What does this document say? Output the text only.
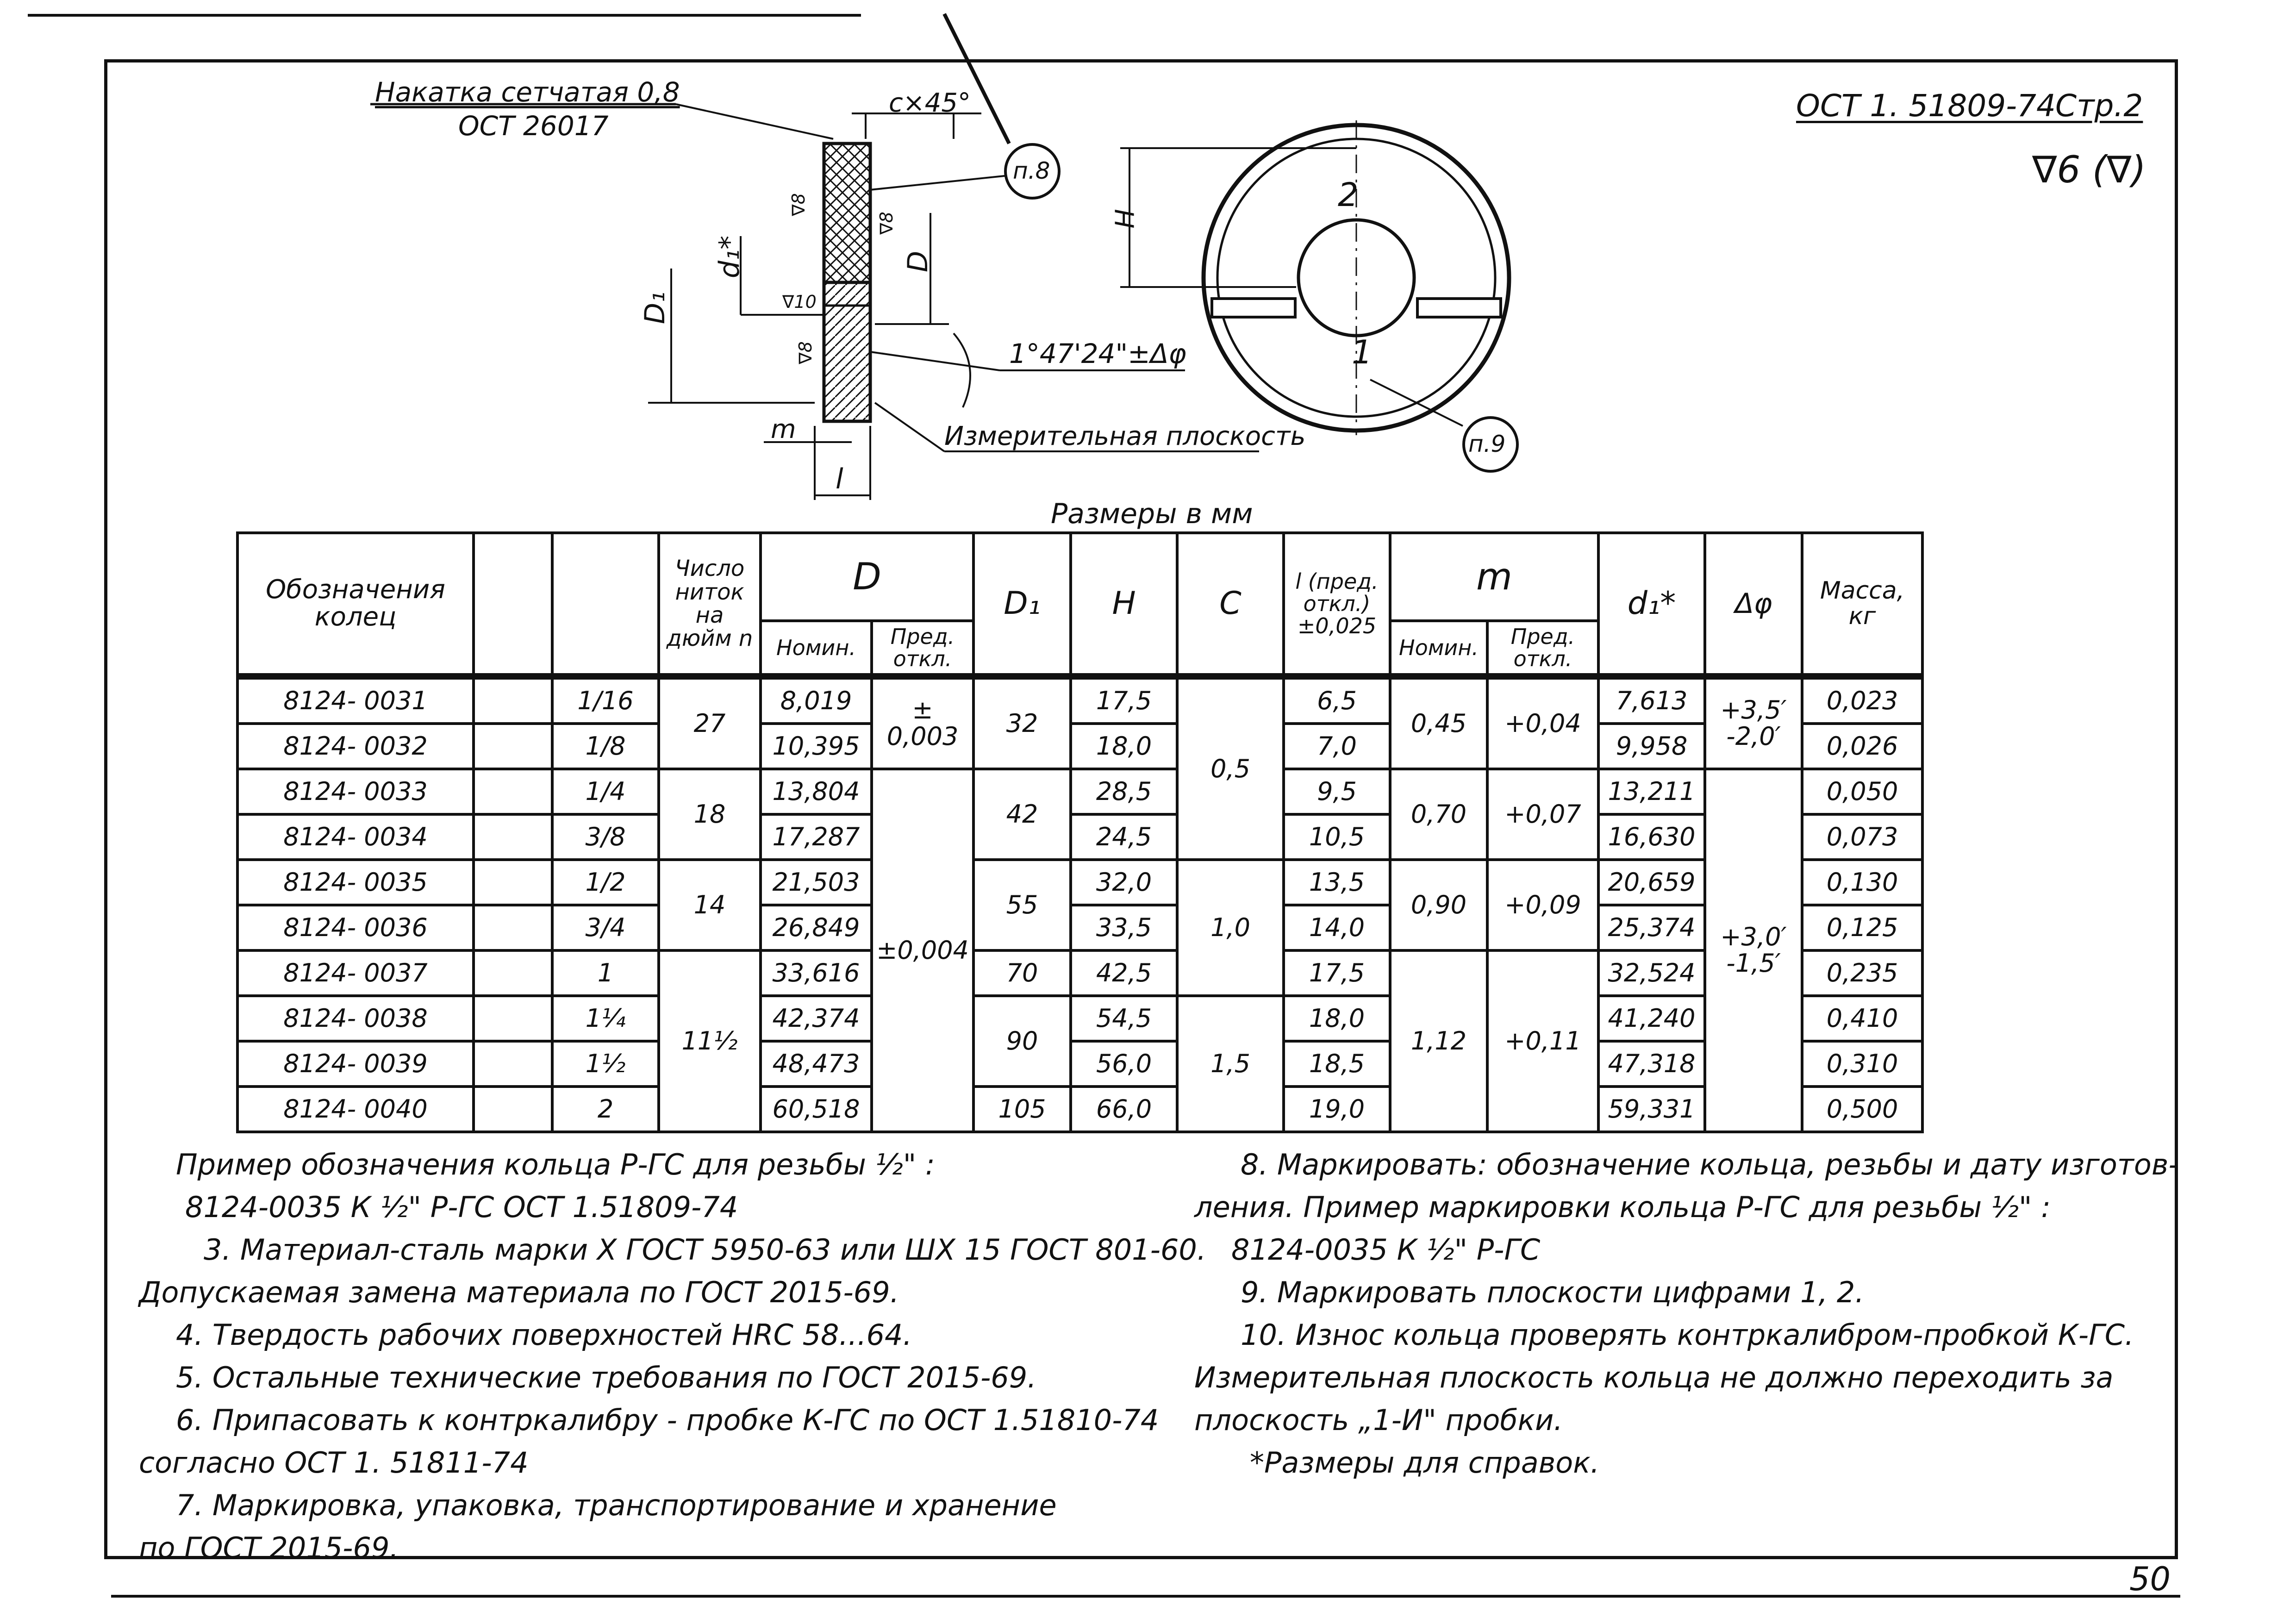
ОСТ 1. 51809-74
Стр.2
∇6 (∇)
50
Накатка сетчатая 0,8
ОСТ 26017
c×45°
п.8
п.9
1°47'24"±Δφ
Измерительная плоскость
D₁
d₁*	D
H
m
l
∇8
∇8
∇10
∇8	1
2
Размеры в мм
Обозначения колец	Примене-ность		Число ниток на дюйм n	D		D₁	H	C	l (пред. откл.) ±0,025	m		d₁*	Δφ	Масса, кг
				Номин.	Пред. откл.					Номин.	Пред. откл.			
8124- 0031		1/16	27	8,019	± 0,003	32	17,5	0,5	6,5	0,45	+0,04	7,613	+3,5′ -2,0′	0,023
8124- 0032		1/8		10,395			18,0		7,0			9,958		0,026
8124- 0033		1/4	18	13,804	±0,004	42	28,5		9,5	0,70	+0,07	13,211	+3,0′ -1,5′	0,050
8124- 0034		3/8		17,287			24,5		10,5			16,630		0,073
8124- 0035		1/2	14	21,503		55	32,0	1,0	13,5	0,90	+0,09	20,659		0,130
8124- 0036		3/4		26,849			33,5		14,0			25,374		0,125
8124- 0037		1	11½	33,616		70	42,5		17,5	1,12	+0,11	32,524		0,235
8124- 0038		1¼		42,374		90	54,5	1,5	18,0			41,240		0,410
8124- 0039		1½		48,473			56,0		18,5			47,318		0,310
8124- 0040		2		60,518		105	66,0		19,0			59,331		0,500
Пример обозначения кольца Р-ГС для резьбы ½" :
8124-0035 К ½" Р-ГС ОСТ 1.51809-74
3. Материал-сталь марки Х ГОСТ 5950-63 или ШХ 15 ГОСТ 801-60.
Допускаемая замена материала по ГОСТ 2015-69.
4. Твердость рабочих поверхностей HRC 58...64.
5. Остальные технические требования по ГОСТ 2015-69.
6. Припасовать к контркалибру - пробке К-ГС по ОСТ 1.51810-74
согласно ОСТ 1. 51811-74
7. Маркировка, упаковка, транспортирование и хранение
по ГОСТ 2015-69.
8. Маркировать: обозначение кольца, резьбы и дату изготов-
ления. Пример маркировки кольца Р-ГС для резьбы ½" :
8124-0035 К ½" Р-ГС
9. Маркировать плоскости цифрами 1, 2.
10. Износ кольца проверять контркалибром-пробкой К-ГС.
Измерительная плоскость кольца не должно переходить за
плоскость „1-И" пробки.
*Размеры для справок.
